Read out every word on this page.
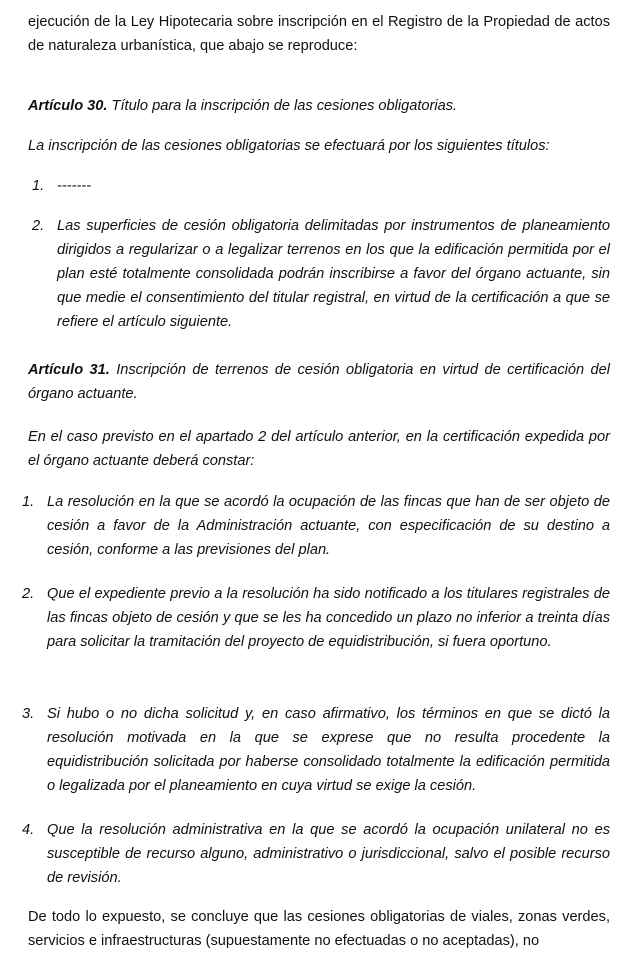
ejecución de la Ley Hipotecaria sobre inscripción en el Registro de la Propiedad de actos de naturaleza urbanística, que abajo se reproduce:

Artículo 30. Título para la inscripción de las cesiones obligatorias.

La inscripción de las cesiones obligatorias se efectuará por los siguientes títulos:

1. -------
2. Las superficies de cesión obligatoria delimitadas por instrumentos de planeamiento dirigidos a regularizar o a legalizar terrenos en los que la edificación permitida por el plan esté totalmente consolidada podrán inscribirse a favor del órgano actuante, sin que medie el consentimiento del titular registral, en virtud de la certificación a que se refiere el artículo siguiente.

Artículo 31. Inscripción de terrenos de cesión obligatoria en virtud de certificación del órgano actuante.

En el caso previsto en el apartado 2 del artículo anterior, en la certificación expedida por el órgano actuante deberá constar:

1. La resolución en la que se acordó la ocupación de las fincas que han de ser objeto de cesión a favor de la Administración actuante, con especificación de su destino a cesión, conforme a las previsiones del plan.
2. Que el expediente previo a la resolución ha sido notificado a los titulares registrales de las fincas objeto de cesión y que se les ha concedido un plazo no inferior a treinta días para solicitar la tramitación del proyecto de equidistribución, si fuera oportuno.
3. Si hubo o no dicha solicitud y, en caso afirmativo, los términos en que se dictó la resolución motivada en la que se exprese que no resulta procedente la equidistribución solicitada por haberse consolidado totalmente la edificación permitida o legalizada por el planeamiento en cuya virtud se exige la cesión.
4. Que la resolución administrativa en la que se acordó la ocupación unilateral no es susceptible de recurso alguno, administrativo o jurisdiccional, salvo el posible recurso de revisión.

De todo lo expuesto, se concluye que las cesiones obligatorias de viales, zonas verdes, servicios e infraestructuras (supuestamente no efectuadas o no aceptadas), no
